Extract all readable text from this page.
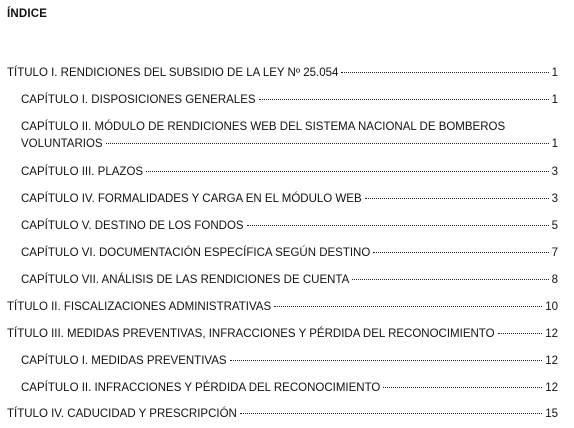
ÍNDICE
TÍTULO I. RENDICIONES DEL SUBSIDIO DE LA LEY Nº 25.054	1
CAPÍTULO I. DISPOSICIONES GENERALES	1
CAPÍTULO II. MÓDULO DE RENDICIONES WEB DEL SISTEMA NACIONAL DE BOMBEROS
VOLUNTARIOS	1
CAPÍTULO III. PLAZOS	3
CAPÍTULO IV. FORMALIDADES Y CARGA EN EL MÓDULO WEB	3
CAPÍTULO V. DESTINO DE LOS FONDOS	5
CAPÍTULO VI. DOCUMENTACIÓN ESPECÍFICA SEGÚN DESTINO	7
CAPÍTULO VII. ANÁLISIS DE LAS RENDICIONES DE CUENTA	8
TÍTULO II. FISCALIZACIONES ADMINISTRATIVAS	10
TÍTULO III. MEDIDAS PREVENTIVAS, INFRACCIONES Y PÉRDIDA DEL RECONOCIMIENTO	12
CAPÍTULO I. MEDIDAS PREVENTIVAS	12
CAPÍTULO II. INFRACCIONES Y PÉRDIDA DEL RECONOCIMIENTO	12
TÍTULO IV. CADUCIDAD Y PRESCRIPCIÓN	15
